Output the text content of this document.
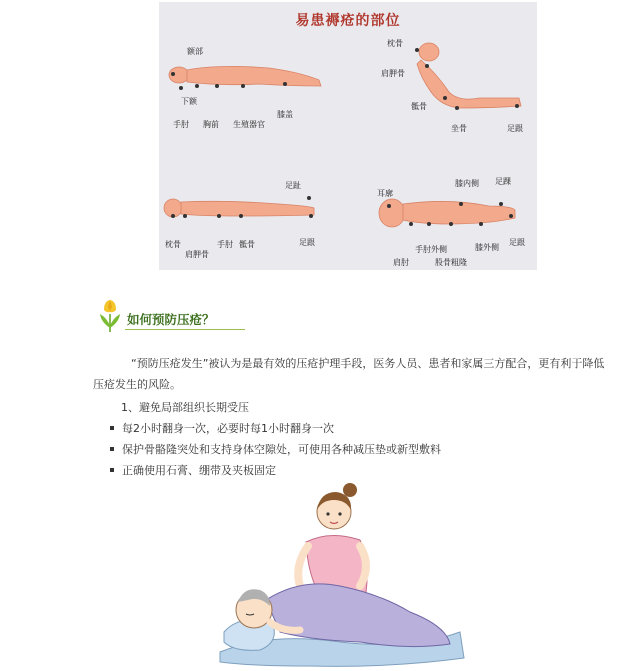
易患褥疮的部位
额部
下额
手肘 胸前 生殖器官
膝盖
枕骨
肩胛骨
骶骨
坐骨	足跟
足趾
枕骨
肩胛骨
手肘 骶骨	足跟
耳廓
膝内侧 足踝
肩肘
手肘外侧
股骨粗隆
膝外侧
足跟
如何预防压疮？
“预防压疮发生”被认为是最有效的压疮护理手段，医务人员、患者和家属三方配合，更有利于降低压疮发生的风险。
1、避免局部组织长期受压
每2小时翻身一次，必要时每1小时翻身一次
保护骨骼隆突处和支持身体空隙处，可使用各种减压垫或新型敷料
正确使用石膏、绷带及夹板固定
